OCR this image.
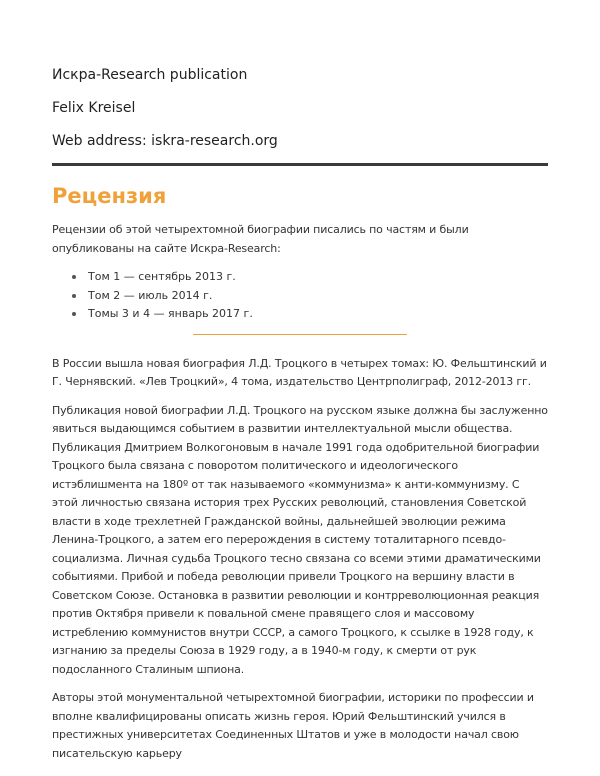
Искра-Research publication

Felix Kreisel

Web address: iskra-research.org

Рецензия

Рецензии об этой четырехтомной биографии писались по частям и были опубликованы на сайте Искра-Research:

Том 1 — сентябрь 2013 г.
Том 2 — июль 2014 г.
Томы 3 и 4 — январь 2017 г.

В России вышла новая биография Л.Д. Троцкого в четырех томах: Ю. Фельштинский и Г. Чернявский. «Лев Троцкий», 4 тома, издательство Центрполиграф, 2012-2013 гг.

Публикация новой биографии Л.Д. Троцкого на русском языке должна бы заслуженно явиться выдающимся событием в развитии интеллектуальной мысли общества. Публикация Дмитрием Волкогоновым в начале 1991 года одобрительной биографии Троцкого была связана с поворотом политического и идеологического истэблишмента на 180º от так называемого «коммунизма» к анти-коммунизму. С этой личностью связана история трех Русских революций, становления Советской власти в ходе трехлетней Гражданской войны, дальнейшей эволюции режима Ленина-Троцкого, а затем его перерождения в систему тоталитарного псевдо-социализма. Личная судьба Троцкого тесно связана со всеми этими драматическими событиями. Прибой и победа революции привели Троцкого на вершину власти в Советском Союзе. Остановка в развитии революции и контрреволюционная реакция против Октября привели к повальной смене правящего слоя и массовому истреблению коммунистов внутри СССР, а самого Троцкого, к ссылке в 1928 году, к изгнанию за пределы Союза в 1929 году, а в 1940-м году, к смерти от рук подосланного Сталиным шпиона.

Авторы этой монументальной четырехтомной биографии, историки по профессии и вполне квалифицированы описать жизнь героя. Юрий Фельштинский учился в престижных университетах Соединенных Штатов и уже в молодости начал свою писательскую карьеру
